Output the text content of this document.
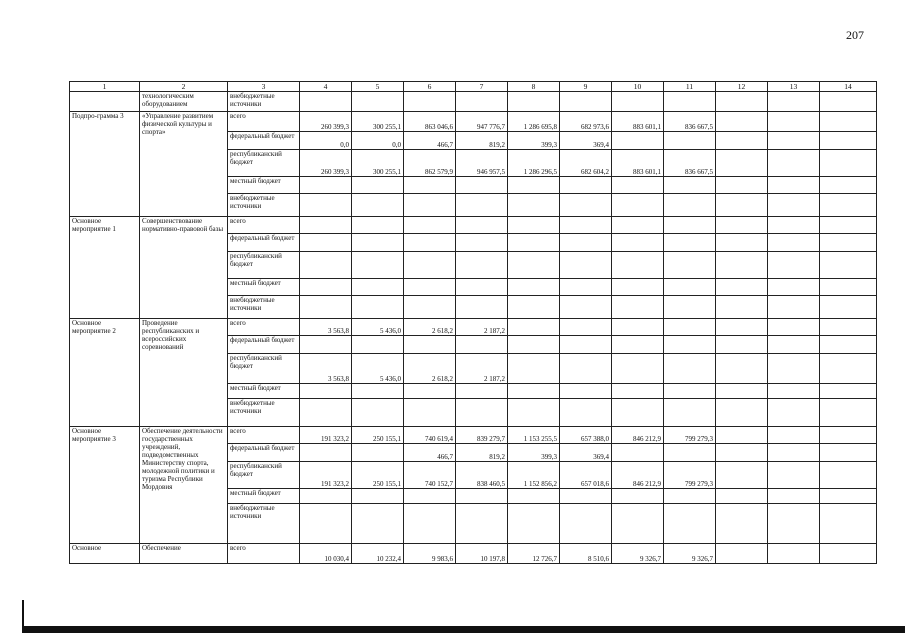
207
1	2	3	4	5	6	7	8	9	10	11	12	13	14
	технологическим оборудованием	внебюджетные источники											
Подпро-грамма 3	«Управление развитием физической культуры и спорта»	всего	260 399,3	300 255,1	863 046,6	947 776,7	1 286 695,8	682 973,6	883 601,1	836 667,5			
		федеральный бюджет	0,0	0,0	466,7	819,2	399,3	369,4					
		республиканский бюджет	260 399,3	300 255,1	862 579,9	946 957,5	1 286 296,5	682 604,2	883 601,1	836 667,5			
		местный бюджет											
		внебюджетные источники											
Основное мероприятие 1	Совершенствование нормативно-правовой базы	всего											
		федеральный бюджет											
		республиканский бюджет											
		местный бюджет											
		внебюджетные источники											
Основное мероприятие 2	Проведение республиканских и всероссийских соревнований	всего	3 563,8	5 436,0	2 618,2	2 187,2							
		федеральный бюджет											
		республиканский бюджет	3 563,8	5 436,0	2 618,2	2 187,2							
		местный бюджет											
		внебюджетные источники											
Основное мероприятие 3	Обеспечение деятельности государственных учреждений, подведомственных Министерству спорта, молодежной политики и туризма Республики Мордовия	всего	191 323,2	250 155,1	740 619,4	839 279,7	1 153 255,5	657 388,0	846 212,9	799 279,3			
		федеральный бюджет			466,7	819,2	399,3	369,4					
		республиканский бюджет	191 323,2	250 155,1	740 152,7	838 460,5	1 152 856,2	657 018,6	846 212,9	799 279,3			
		местный бюджет											
		внебюджетные источники											
Основное	Обеспечение	всего	10 030,4	10 232,4	9 983,6	10 197,8	12 726,7	8 510,6	9 326,7	9 326,7			
